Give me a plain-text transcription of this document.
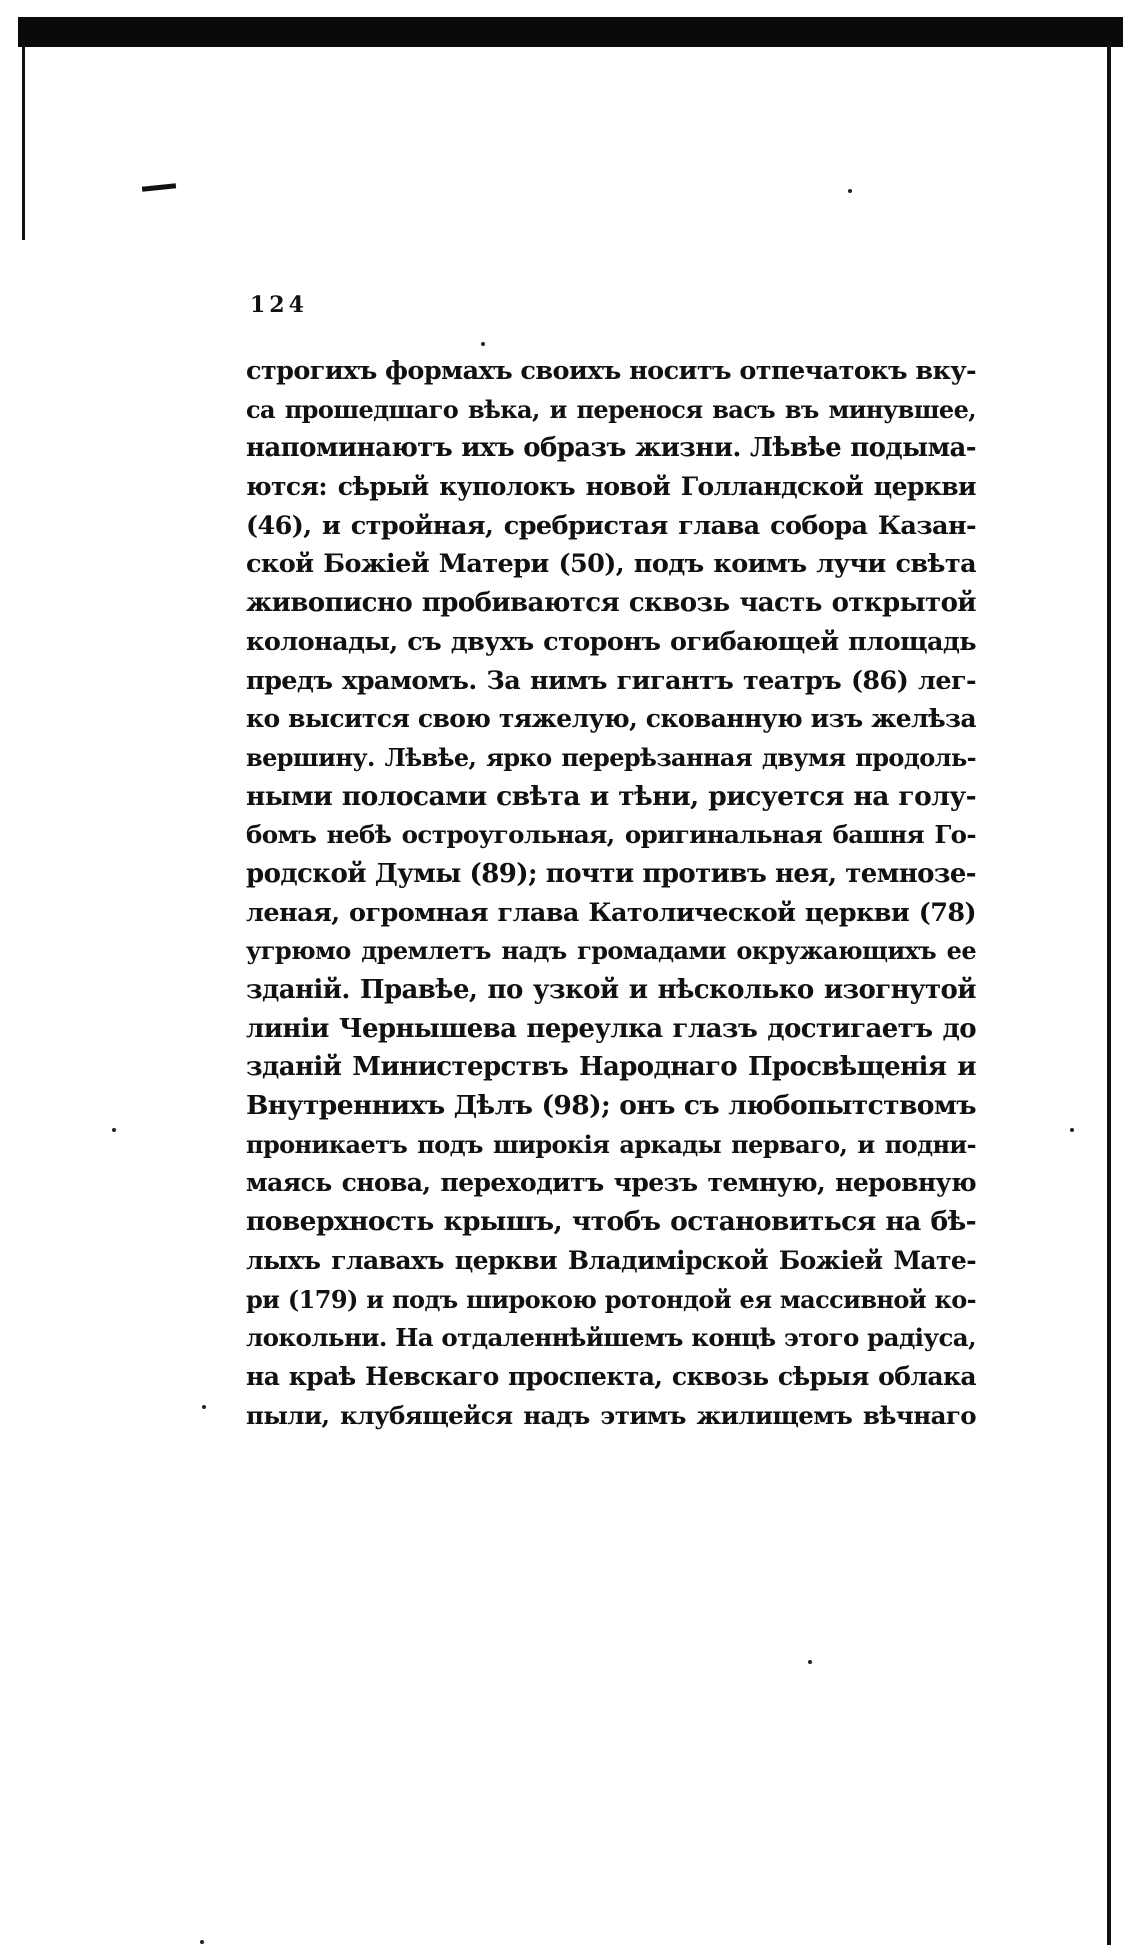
124
строгихъ формахъ своихъ носитъ отпечатокъ вку-
са прошедшаго вѣка, и перенося васъ въ минувшее,
напоминаютъ ихъ образъ жизни. Лѣвѣе подыма-
ются: сѣрый куполокъ новой Голландской церкви
(46), и стройная, сребристая глава собора Казан-
ской Божіей Матери (50), подъ коимъ лучи свѣта
живописно пробиваются сквозь часть открытой
колонады, съ двухъ сторонъ огибающей площадь
предъ храмомъ. За нимъ гигантъ театръ (86) лег-
ко высится свою тяжелую, скованную изъ желѣза
вершину. Лѣвѣе, ярко перерѣзанная двумя продоль-
ными полосами свѣта и тѣни, рисуется на голу-
бомъ небѣ остроугольная, оригинальная башня Го-
родской Думы (89); почти противъ нея, темнозе-
леная, огромная глава Католической церкви (78)
угрюмо дремлетъ надъ громадами окружающихъ ее
зданій. Правѣе, по узкой и нѣсколько изогнутой
линіи Чернышева переулка глазъ достигаетъ до
зданій Министерствъ Народнаго Просвѣщенія и
Внутреннихъ Дѣлъ (98); онъ съ любопытствомъ
проникаетъ подъ широкія аркады перваго, и подни-
маясь снова, переходитъ чрезъ темную, неровную
поверхность крышъ, чтобъ остановиться на бѣ-
лыхъ главахъ церкви Владимірской Божіей Мате-
ри (179) и подъ широкою ротондой ея массивной ко-
локольни. На отдаленнѣйшемъ концѣ этого радіуса,
на краѣ Невскаго проспекта, сквозь сѣрыя облака
пыли, клубящейся надъ этимъ жилищемъ вѣчнаго
